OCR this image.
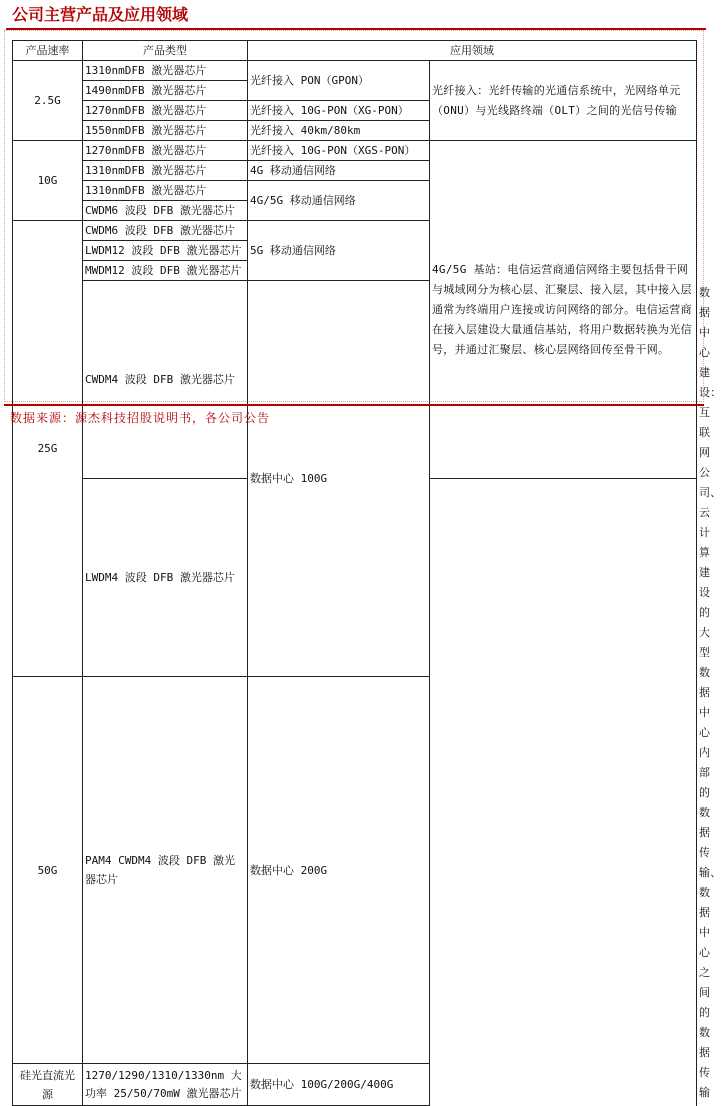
公司主营产品及应用领域
产品速率	产品类型	应用领域		
2.5G	1310nmDFB 激光器芯片	光纤接入 PON（GPON）	光纤接入：光纤传输的光通信系统中，光网络单元（ONU）与光线路终端（OLT）之间的光信号传输	
	1490nmDFB 激光器芯片			
	1270nmDFB 激光器芯片	光纤接入 10G-PON（XG-PON）		
	1550nmDFB 激光器芯片	光纤接入 40km/80km		
10G	1270nmDFB 激光器芯片	光纤接入 10G-PON（XGS-PON）	4G/5G 基站：电信运营商通信网络主要包括骨干网与城域网分为核心层、汇聚层、接入层，其中接入层通常为终端用户连接或访问网络的部分。电信运营商在接入层建设大量通信基站，将用户数据转换为光信号，并通过汇聚层、核心层网络回传至骨干网。	
	1310nmDFB 激光器芯片	4G 移动通信网络		
	1310nmDFB 激光器芯片	4G/5G 移动通信网络		
	CWDM6 波段 DFB 激光器芯片			
25G	CWDM6 波段 DFB 激光器芯片	5G 移动通信网络		
	LWDM12 波段 DFB 激光器芯片			
	MWDM12 波段 DFB 激光器芯片			
	CWDM4 波段 DFB 激光器芯片	数据中心 100G		数据中心建设：互联网公司、云计算建设的大型数据中心内部的数据传输、数据中心之间的数据传输
	LWDM4 波段 DFB 激光器芯片			
50G	PAM4 CWDM4 波段 DFB 激光器芯片	数据中心 200G		
硅光直流光源	1270/1290/1310/1330nm 大功率 25/50/70mW 激光器芯片	数据中心 100G/200G/400G		
数据来源：源杰科技招股说明书，各公司公告
